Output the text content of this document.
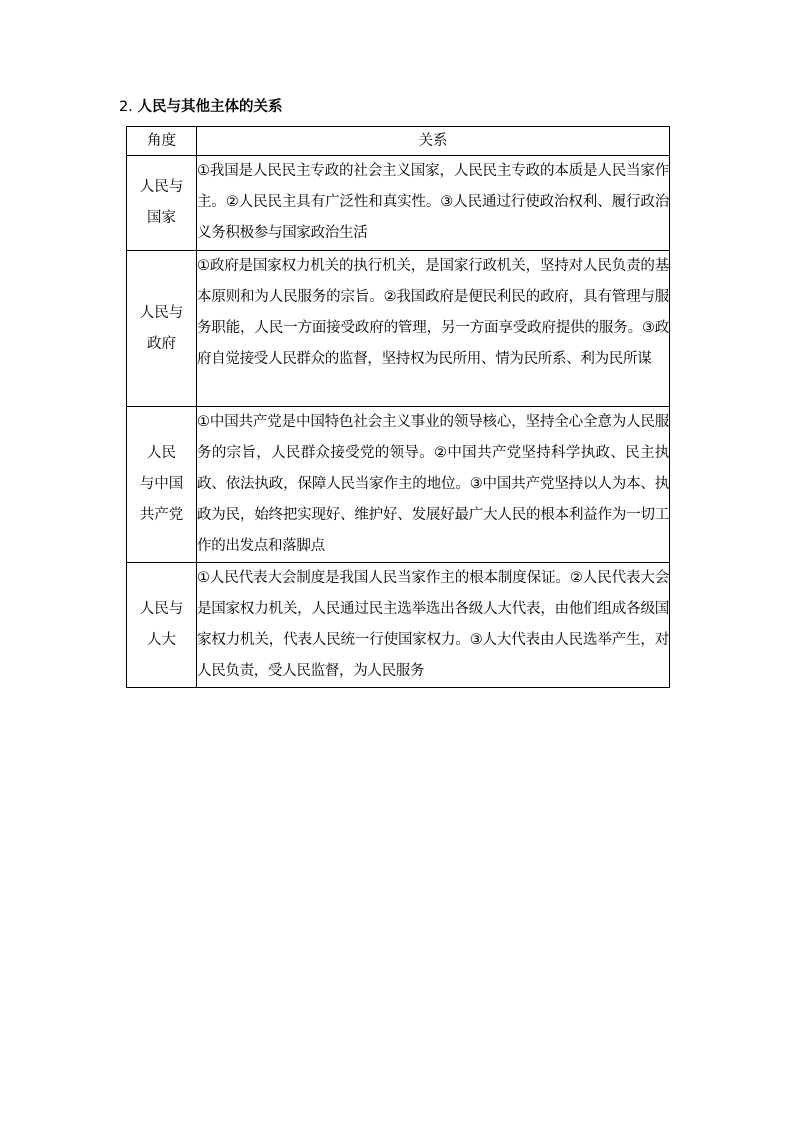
2. 人民与其他主体的关系
角度	关系
人民与
国家	①我国是人民民主专政的社会主义国家，人民民主专政的本质是人民当家作主。②人民民主具有广泛性和真实性。③人民通过行使政治权利、履行政治义务积极参与国家政治生活
人民与
政府	①政府是国家权力机关的执行机关，是国家行政机关，坚持对人民负责的基本原则和为人民服务的宗旨。②我国政府是便民利民的政府，具有管理与服务职能，人民一方面接受政府的管理，另一方面享受政府提供的服务。③政府自觉接受人民群众的监督，坚持权为民所用、情为民所系、利为民所谋
人民
与中国
共产党	①中国共产党是中国特色社会主义事业的领导核心，坚持全心全意为人民服务的宗旨，人民群众接受党的领导。②中国共产党坚持科学执政、民主执政、依法执政，保障人民当家作主的地位。③中国共产党坚持以人为本、执政为民，始终把实现好、维护好、发展好最广大人民的根本利益作为一切工作的出发点和落脚点
人民与
人大	①人民代表大会制度是我国人民当家作主的根本制度保证。②人民代表大会是国家权力机关，人民通过民主选举选出各级人大代表，由他们组成各级国家权力机关，代表人民统一行使国家权力。③人大代表由人民选举产生，对人民负责，受人民监督，为人民服务
